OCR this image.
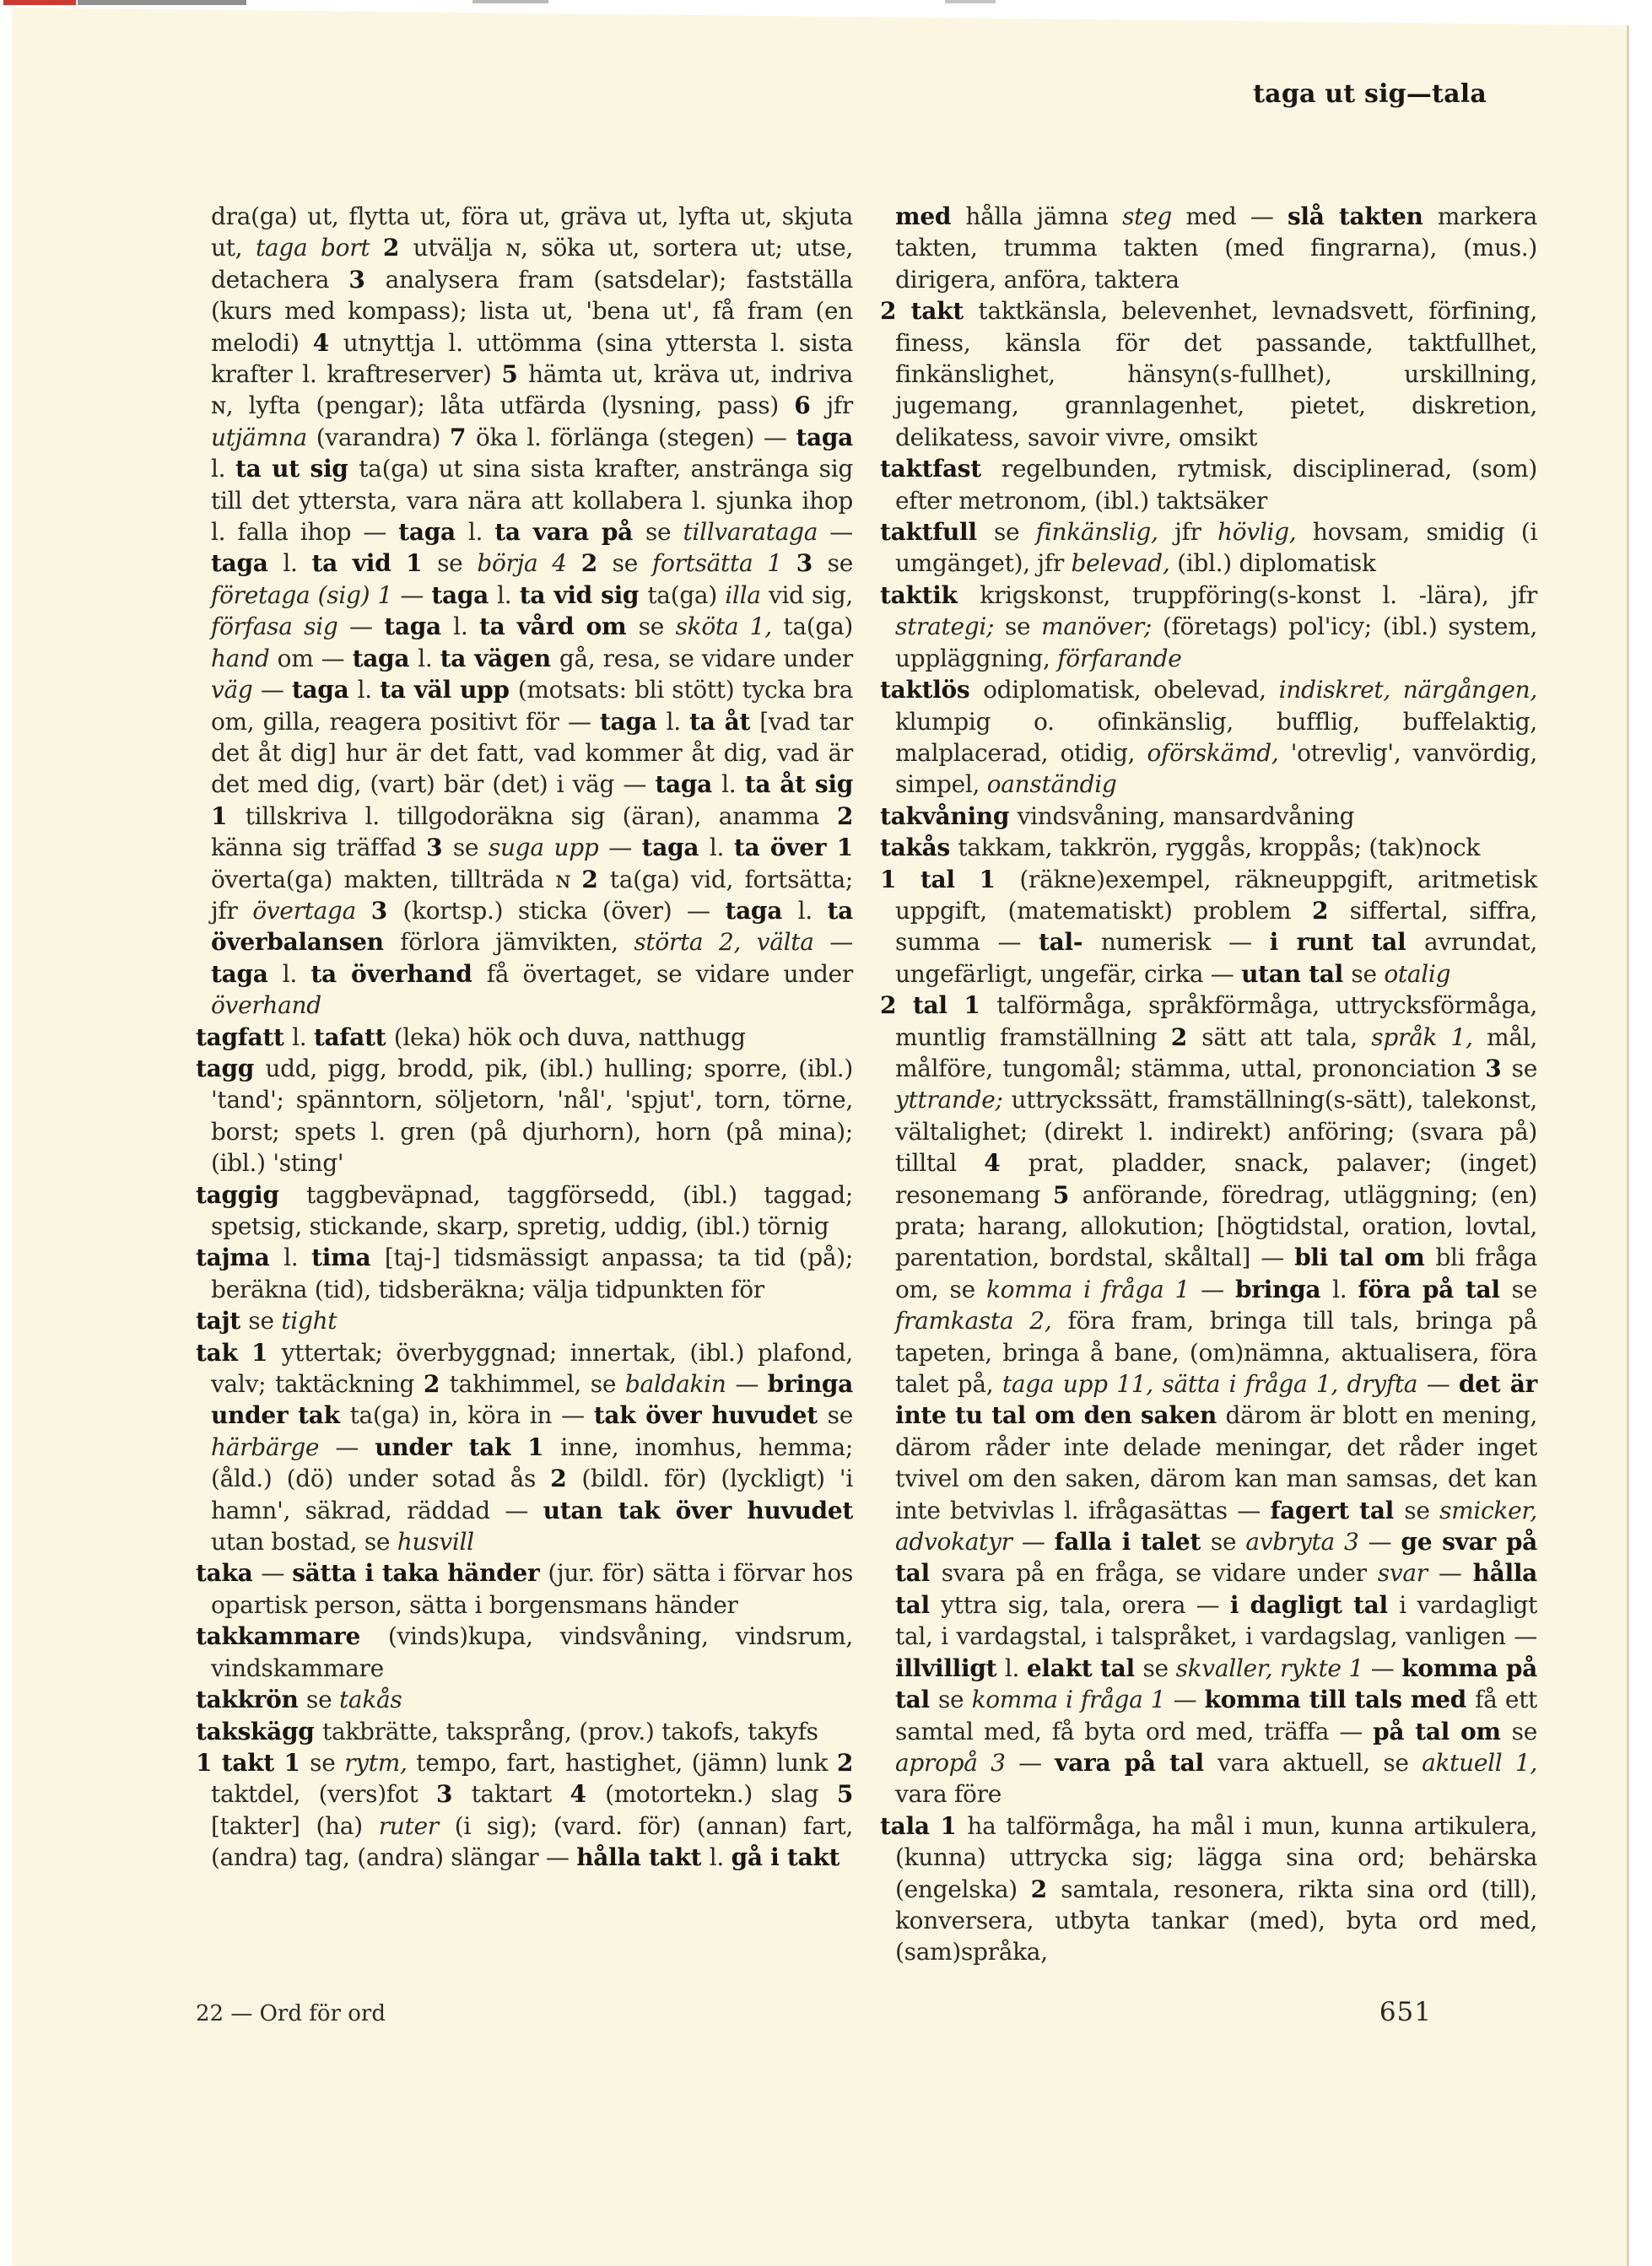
taga ut sig—tala

dra(ga) ut, flytta ut, föra ut, gräva ut, lyfta ut, skjuta ut, taga bort 2 utvälja ɴ, söka ut, sortera ut; utse, detachera 3 analysera fram (satsdelar); fastställa (kurs med kompass); lista ut, 'bena ut', få fram (en melodi) 4 utnyttja l. uttömma (sina yttersta l. sista krafter l. kraftreserver) 5 hämta ut, kräva ut, indriva ɴ, lyfta (pengar); låta utfärda (lysning, pass) 6 jfr utjämna (varandra) 7 öka l. förlänga (stegen) — taga l. ta ut sig ta(ga) ut sina sista krafter, anstränga sig till det yttersta, vara nära att kollabera l. sjunka ihop l. falla ihop — taga l. ta vara på se tillvarataga — taga l. ta vid 1 se börja 4 2 se fortsätta 1 3 se företaga (sig) 1 — taga l. ta vid sig ta(ga) illa vid sig, förfasa sig — taga l. ta vård om se sköta 1, ta(ga) hand om — taga l. ta vägen gå, resa, se vidare under väg — taga l. ta väl upp (motsats: bli stött) tycka bra om, gilla, reagera positivt för — taga l. ta åt [vad tar det åt dig] hur är det fatt, vad kommer åt dig, vad är det med dig, (vart) bär (det) i väg — taga l. ta åt sig 1 tillskriva l. tillgodoräkna sig (äran), anamma 2 känna sig träffad 3 se suga upp — taga l. ta över 1 överta(ga) makten, tillträda ɴ 2 ta(ga) vid, fortsätta; jfr övertaga 3 (kortsp.) sticka (över) — taga l. ta överbalansen förlora jämvikten, störta 2, välta — taga l. ta överhand få övertaget, se vidare under överhand

tagfatt l. tafatt (leka) hök och duva, natthugg

tagg udd, pigg, brodd, pik, (ibl.) hulling; sporre, (ibl.) 'tand'; spänntorn, söljetorn, 'nål', 'spjut', torn, törne, borst; spets l. gren (på djurhorn), horn (på mina); (ibl.) 'sting'

taggig taggbeväpnad, taggförsedd, (ibl.) taggad; spetsig, stickande, skarp, spretig, uddig, (ibl.) törnig

tajma l. tima [taj-] tidsmässigt anpassa; ta tid (på); beräkna (tid), tidsberäkna; välja tidpunkten för

tajt se tight

tak 1 yttertak; överbyggnad; innertak, (ibl.) plafond, valv; taktäckning 2 takhimmel, se baldakin — bringa under tak ta(ga) in, köra in — tak över huvudet se härbärge — under tak 1 inne, inomhus, hemma; (åld.) (dö) under sotad ås 2 (bildl. för) (lyckligt) 'i hamn', säkrad, räddad — utan tak över huvudet utan bostad, se husvill

taka — sätta i taka händer (jur. för) sätta i förvar hos opartisk person, sätta i borgensmans händer

takkammare (vinds)kupa, vindsvåning, vindsrum, vindskammare

takkrön se takås

takskägg takbrätte, taksprång, (prov.) takofs, takyfs

1 takt 1 se rytm, tempo, fart, hastighet, (jämn) lunk 2 taktdel, (vers)fot 3 taktart 4 (motortekn.) slag 5 [takter] (ha) ruter (i sig); (vard. för) (annan) fart, (andra) tag, (andra) slängar — hålla takt l. gå i takt

med hålla jämna steg med — slå takten markera takten, trumma takten (med fingrarna), (mus.) dirigera, anföra, taktera

2 takt taktkänsla, belevenhet, levnadsvett, förfining, finess, känsla för det passande, taktfullhet, finkänslighet, hänsyn(s-fullhet), urskillning, jugemang, grannlagenhet, pietet, diskretion, delikatess, savoir vivre, omsikt

taktfast regelbunden, rytmisk, disciplinerad, (som) efter metronom, (ibl.) taktsäker

taktfull se finkänslig, jfr hövlig, hovsam, smidig (i umgänget), jfr belevad, (ibl.) diplomatisk

taktik krigskonst, truppföring(s-konst l. -lära), jfr strategi; se manöver; (företags) pol'icy; (ibl.) system, uppläggning, förfarande

taktlös odiplomatisk, obelevad, indiskret, närgången, klumpig o. ofinkänslig, bufflig, buffelaktig, malplacerad, otidig, oförskämd, 'otrevlig', vanvördig, simpel, oanständig

takvåning vindsvåning, mansardvåning

takås takkam, takkrön, ryggås, kroppås; (tak)nock

1 tal 1 (räkne)exempel, räkneuppgift, aritmetisk uppgift, (matematiskt) problem 2 siffertal, siffra, summa — tal- numerisk — i runt tal avrundat, ungefärligt, ungefär, cirka — utan tal se otalig

2 tal 1 talförmåga, språkförmåga, uttrycksförmåga, muntlig framställning 2 sätt att tala, språk 1, mål, målföre, tungomål; stämma, uttal, prononciation 3 se yttrande; uttryckssätt, framställning(s-sätt), talekonst, vältalighet; (direkt l. indirekt) anföring; (svara på) tilltal 4 prat, pladder, snack, palaver; (inget) resonemang 5 anförande, föredrag, utläggning; (en) prata; harang, allokution; [högtidstal, oration, lovtal, parentation, bordstal, skåltal] — bli tal om bli fråga om, se komma i fråga 1 — bringa l. föra på tal se framkasta 2, föra fram, bringa till tals, bringa på tapeten, bringa å bane, (om)nämna, aktualisera, föra talet på, taga upp 11, sätta i fråga 1, dryfta — det är inte tu tal om den saken därom är blott en mening, därom råder inte delade meningar, det råder inget tvivel om den saken, därom kan man samsas, det kan inte betvivlas l. ifrågasättas — fagert tal se smicker, advokatyr — falla i talet se avbryta 3 — ge svar på tal svara på en fråga, se vidare under svar — hålla tal yttra sig, tala, orera — i dagligt tal i vardagligt tal, i vardagstal, i talspråket, i vardagslag, vanligen — illvilligt l. elakt tal se skvaller, rykte 1 — komma på tal se komma i fråga 1 — komma till tals med få ett samtal med, få byta ord med, träffa — på tal om se apropå 3 — vara på tal vara aktuell, se aktuell 1, vara före

tala 1 ha talförmåga, ha mål i mun, kunna artikulera, (kunna) uttrycka sig; lägga sina ord; behärska (engelska) 2 samtala, resonera, rikta sina ord (till), konversera, utbyta tankar (med), byta ord med, (sam)språka,

22 — Ord för ord	651
